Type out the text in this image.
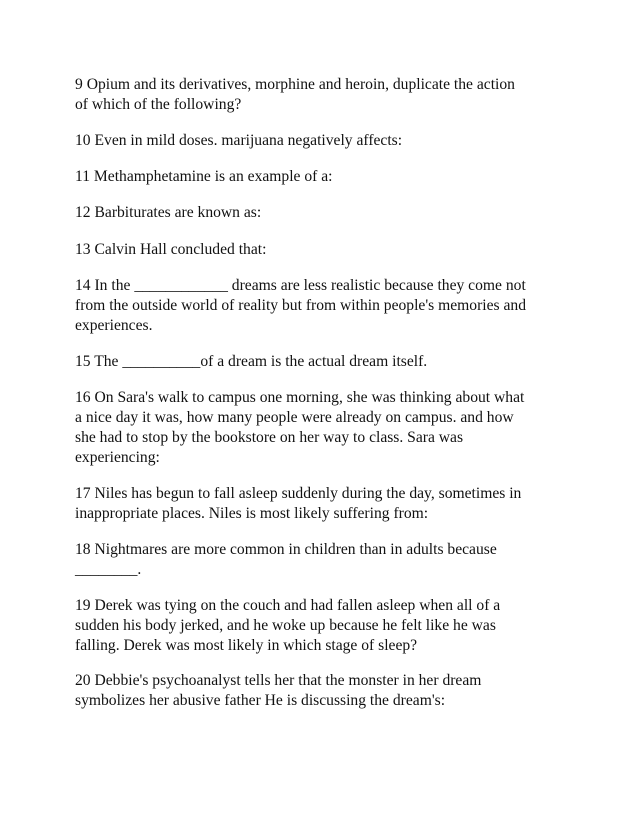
9 Opium and its derivatives, morphine and heroin, duplicate the action
of which of the following?

10 Even in mild doses. marijuana negatively affects:

11 Methamphetamine is an example of a:

12 Barbiturates are known as:

13 Calvin Hall concluded that:

14 In the ____________ dreams are less realistic because they come not
from the outside world of reality but from within people's memories and
experiences.

15 The __________of a dream is the actual dream itself.

16 On Sara's walk to campus one morning, she was thinking about what
a nice day it was, how many people were already on campus. and how
she had to stop by the bookstore on her way to class. Sara was
experiencing:

17 Niles has begun to fall asleep suddenly during the day, sometimes in
inappropriate places. Niles is most likely suffering from:

18 Nightmares are more common in children than in adults because
________.

19 Derek was tying on the couch and had fallen asleep when all of a
sudden his body jerked, and he woke up because he felt like he was
falling. Derek was most likely in which stage of sleep?

20 Debbie's psychoanalyst tells her that the monster in her dream
symbolizes her abusive father He is discussing the dream's:
